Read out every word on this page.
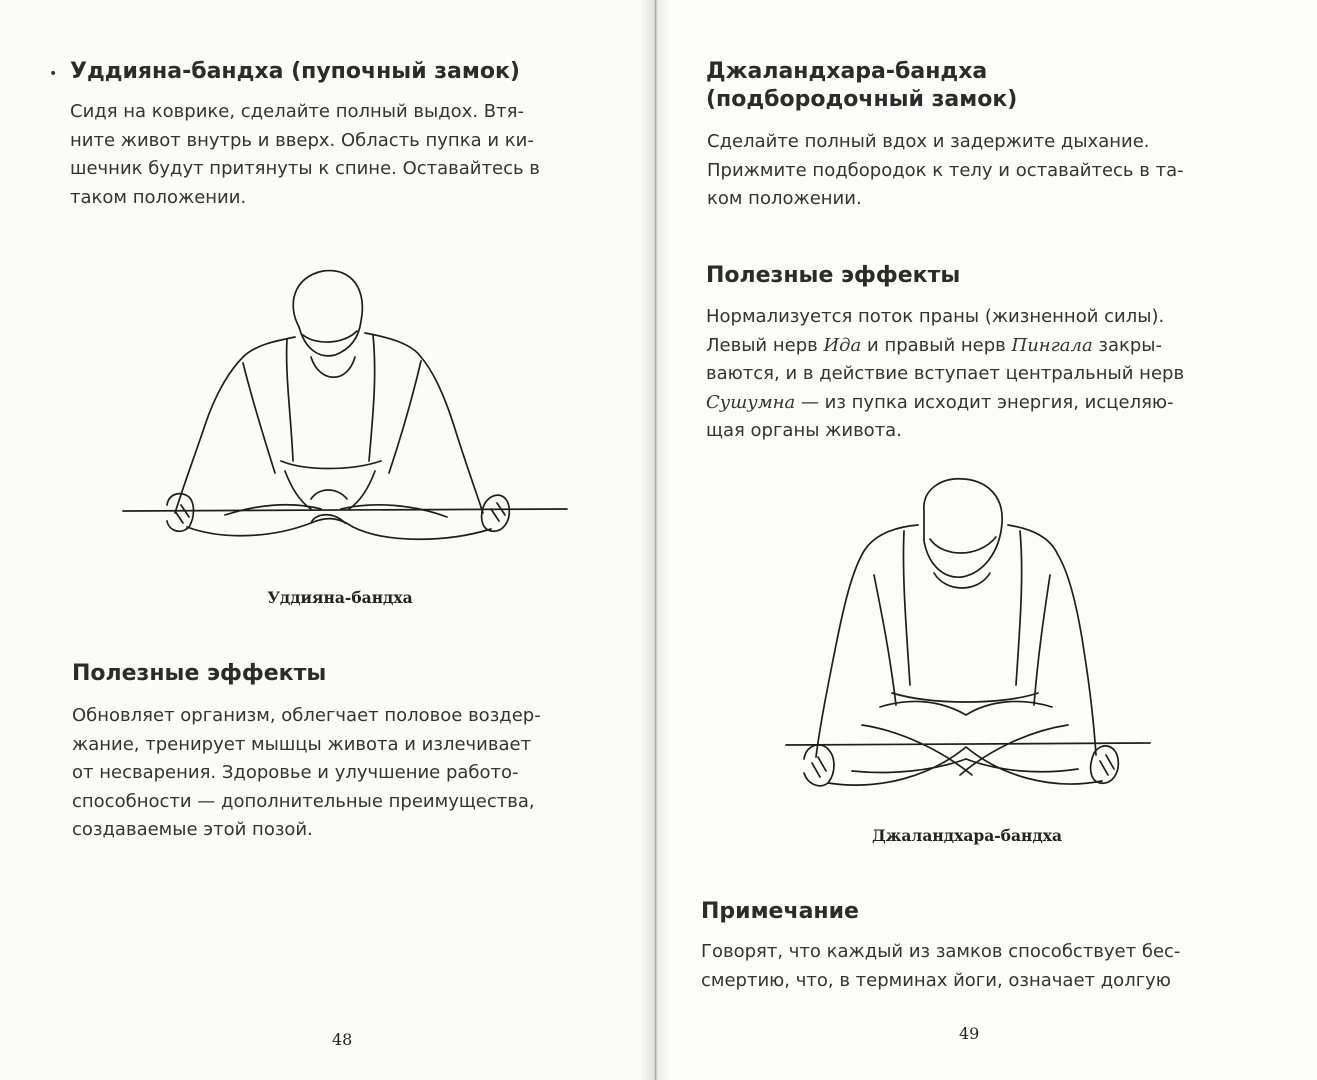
• Уддияна-бандха (пупочный замок)

Сидя на коврике, сделайте полный выдох. Втя-
ните живот внутрь и вверх. Область пупка и ки-
шечник будут притянуты к спине. Оставайтесь в
таком положении.

Уддияна-бандха

Полезные эффекты

Обновляет организм, облегчает половое воздер-
жание, тренирует мышцы живота и излечивает
от несварения. Здоровье и улучшение работо-
способности — дополнительные преимущества,
создаваемые этой позой.

48

Джаландхара-бандха
(подбородочный замок)

Сделайте полный вдох и задержите дыхание.
Прижмите подбородок к телу и оставайтесь в та-
ком положении.

Полезные эффекты

Нормализуется поток праны (жизненной силы).
Левый нерв Ида и правый нерв Пингала закры-
ваются, и в действие вступает центральный нерв
Сушумна — из пупка исходит энергия, исцеляю-
щая органы живота.

Джаландхара-бандха

Примечание

Говорят, что каждый из замков способствует бес-
смертию, что, в терминах йоги, означает долгую

49
